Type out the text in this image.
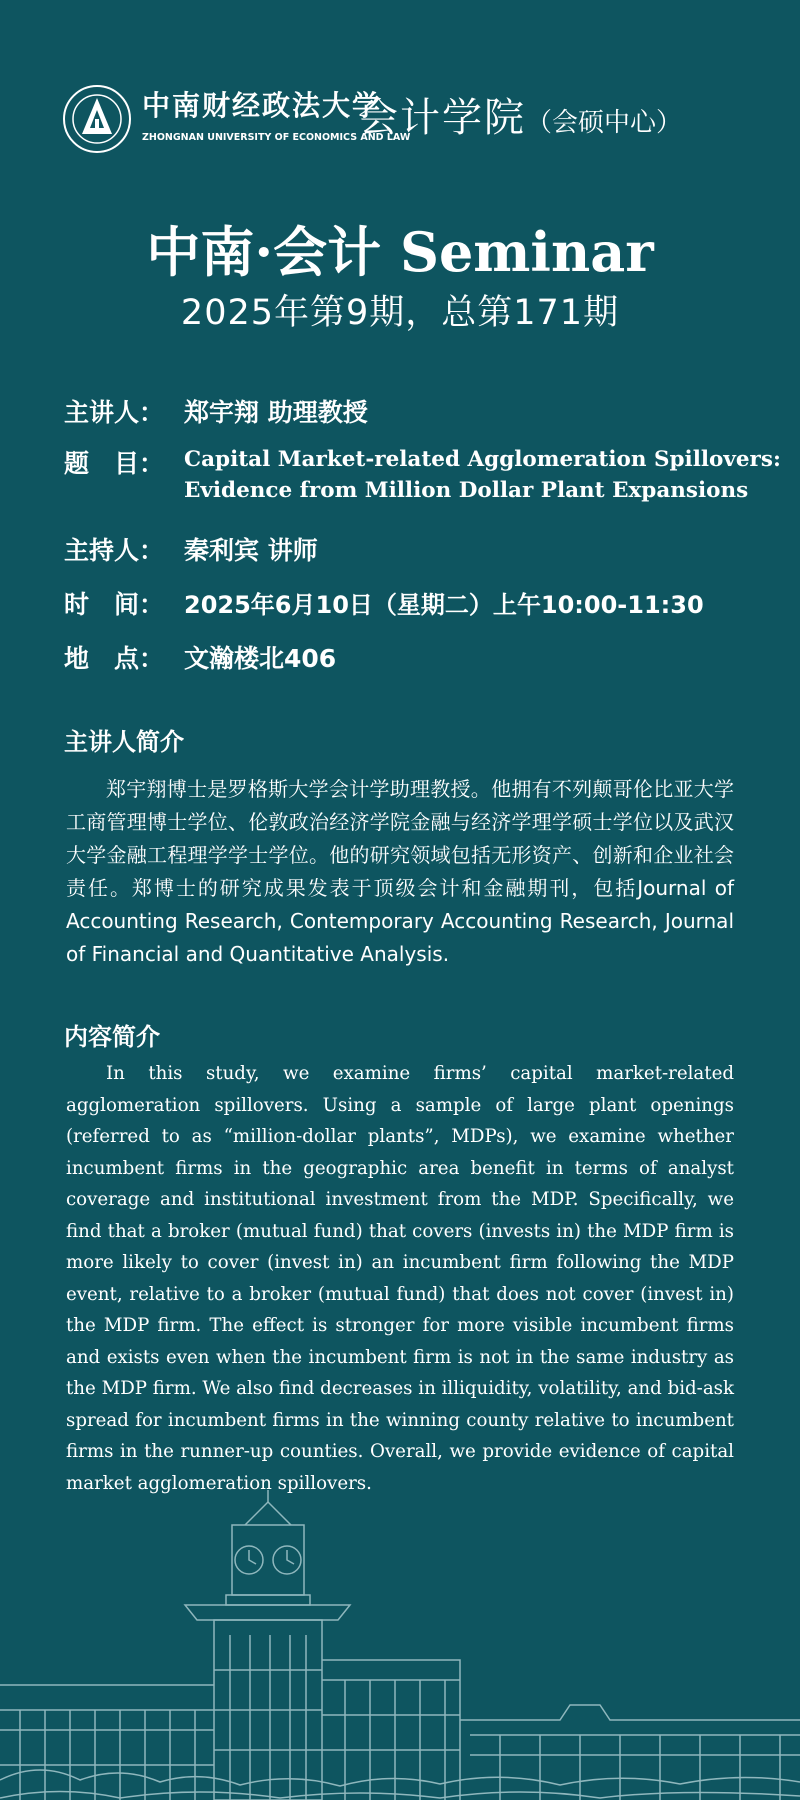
中南财经政法大学
ZHONGNAN UNIVERSITY OF ECONOMICS AND LAW
会计学院（会硕中心）
中南·会计 Seminar
2025年第9期，总第171期
主讲人： 郑宇翔 助理教授
题　目： Capital Market-related Agglomeration Spillovers: Evidence from Million Dollar Plant Expansions
主持人： 秦利宾 讲师
时　间： 2025年6月10日（星期二）上午10:00-11:30
地　点： 文瀚楼北406
主讲人简介
郑宇翔博士是罗格斯大学会计学助理教授。他拥有不列颠哥伦比亚大学工商管理博士学位、伦敦政治经济学院金融与经济学理学硕士学位以及武汉大学金融工程理学学士学位。他的研究领域包括无形资产、创新和企业社会责任。郑博士的研究成果发表于顶级会计和金融期刊，包括Journal of Accounting Research, Contemporary Accounting Research, Journal of Financial and Quantitative Analysis.
内容简介
In this study, we examine firms’ capital market-related agglomeration spillovers. Using a sample of large plant openings (referred to as “million-dollar plants”, MDPs), we examine whether incumbent firms in the geographic area benefit in terms of analyst coverage and institutional investment from the MDP. Specifically, we find that a broker (mutual fund) that covers (invests in) the MDP firm is more likely to cover (invest in) an incumbent firm following the MDP event, relative to a broker (mutual fund) that does not cover (invest in) the MDP firm. The effect is stronger for more visible incumbent firms and exists even when the incumbent firm is not in the same industry as the MDP firm. We also find decreases in illiquidity, volatility, and bid-ask spread for incumbent firms in the winning county relative to incumbent firms in the runner-up counties. Overall, we provide evidence of capital market agglomeration spillovers.
